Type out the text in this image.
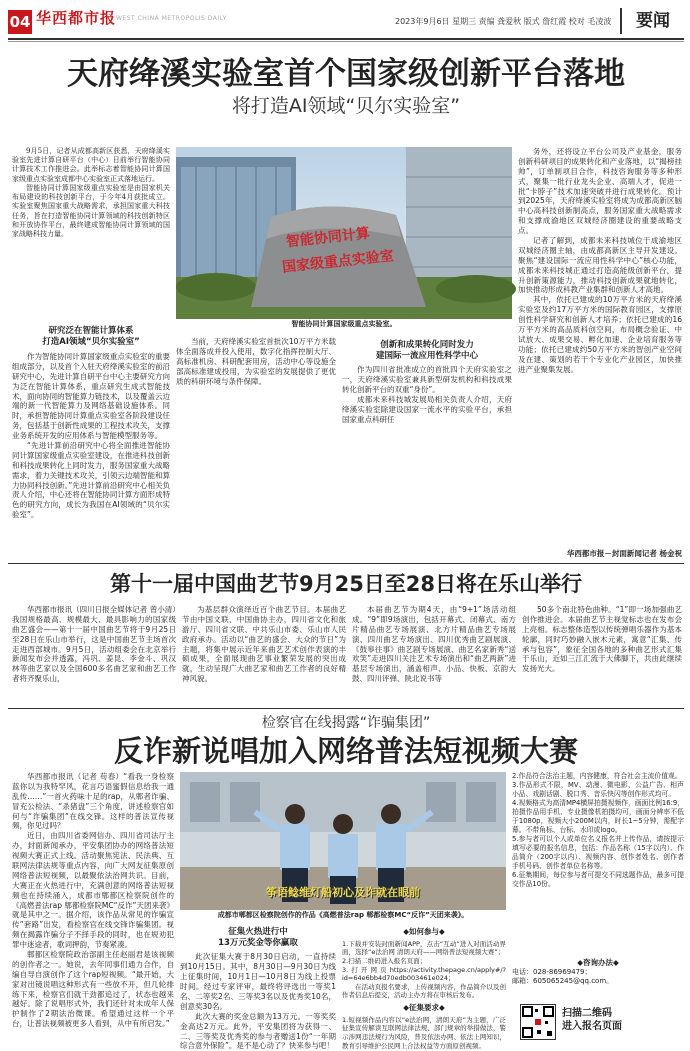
04 华西都市报 WEST CHINA METROPOLIS DAILY	2023年9月6日 星期三 责编 龚爱秋 版式 詹红霞 校对 毛凌波	要闻
天府绛溪实验室首个国家级创新平台落地
将打造AI领域“贝尔实验室”

9月5日，记者从成都高新区获悉，天府绛溪实验室先进计算自研平台（中心）日前举行智能协同计算技术工作推进会。此举标志着智能协同计算国家级重点实验室成都中心实验室正式落地运行。

智能协同计算国家级重点实验室是由国家机关布局建设的科技创新平台，于今年4月获批成立。实验室聚焦国家重大战略需求，承担国家重大科技任务，旨在打造智能协同计算领域的科技创新特区和开放协作平台，最终建成智能协同计算领域的国家战略科技力量。

研究泛在智能计算体系
打造AI领域“贝尔实验室”

作为智能协同计算国家级重点实验室的重要组成部分，以及首个入驻天府绛溪实验室的前沿研究中心，先进计算自研平台中心主要研究方向为泛在智能计算体系，重点研究生成式智能技术，面向协同的智能算力链技术，以及覆盖云边端的新一代智能算力及网络基础设施体系。同时，承担智能协同计算重点实验室各阶段建设任务，包括基于创新性成果的工程技术攻关，支撑业务系统开发的应用体系与智能模型服务等。

“先进计算前沿研究中心将全面推进智能协同计算国家级重点实验室建设，在推进科技创新和科技成果转化上同时发力，服务国家重大战略需求，着力关键技术攻关，引领云边端智能和算力协同科技创新。”先进计算前沿研究中心相关负责人介绍，中心还将在智能协同计算方面形成特色的研究方向，成长为我国在AI领域的“贝尔实验室”。

智能协同计算
国家级重点实验室
智能协同计算国家级重点实验室。

当前，天府绛溪实验室首批次10万平方米载体全面落成并投入使用，数字化指挥控制大厅、高标准机房、科研配套用房，活动中心等设施全部高标准建成投用，为实验室的发展提供了更优质的科研环境与条件保障。

创新和成果转化同时发力
建国际一流应用性科学中心

作为四川省批准成立的首批四个天府实验室之一，天府绛溪实验室兼具新型研发机构和科技成果转化创新平台的双重“身份”。

成都未来科技城发展局相关负责人介绍，天府绛溪实验室除建设国家一流水平的实验平台，承担国家重点科研任

务外，还将设立平台公司及产业基金，服务创新科研项目的成果转化和产业落地，以“揭榜挂帅”，订单制项目合作，科技咨询服务等多种形式，聚集一批行业龙头企业、高端人才，促进一批“卡脖子”技术加速突破并进行成果转化。预计到2025年，天府绛溪实验室将成为成都高新区脑中心高科技创新制高点，服务国家重大战略需求和支撑成渝地区双城经济圈建设的重要战略支点。

记者了解到，成都未来科技城位于成渝地区双城经济圈主轴，由成都高新区主导开发建设。聚焦“建设国际一流应用性科学中心”核心功能，成都未来科技城正通过打造高能级创新平台，提升创新策源能力，推动科技创新成果就地转化，加快推动形成科教产业集群和创新人才高地。

其中，依托已建成的10万平方米的天府绛溪实验室及约17万平方米的国际教育园区，支撑原创性科学研究和创新人才培养；依托已建成的16万平方米的高品质科创空间，布局概念验证、中试放大、成果交易、孵化加速、企业培育服务等功能；依托已建成约50万平方米的智创产业空间及在建、策划的若干个专业化产业园区，加快推进产业聚集发展。

华西都市报－封面新闻记者 杨金祝
第十一届中国曲艺节9月25日至28日将在乐山举行

华西都市报讯（四川日报全媒体记者 曾小清）我国规格最高、规模最大、最具影响力的国家级曲艺盛会——第十一届中国曲艺节将于9月25日至28日在乐山市举行，这是中国曲艺节主场首次走进西部城市。9月5日，活动组委会在北京举行新闻发布会并透露，冯巩、姜昆、李金斗、巩汉林等曲艺家以及全国600多名曲艺家和曲艺工作者将齐聚乐山，

为基层群众演绎近百个曲艺节目。本届曲艺节由中国文联、中国曲协主办，四川省文化和旅游厅、四川省文联、中共乐山市委、乐山市人民政府承办。活动以“曲艺的盛会、大众的节日”为主题，将集中展示近年来曲艺艺术创作表演的丰硕成果，全面展现曲艺事业繁荣发展的突出成就，生动呈现广大曲艺家和曲艺工作者的良好精神风貌。

本届曲艺节为期4天，由“9+1”场活动组成。“9”即9场演出，包括开幕式、闭幕式、南方片精品曲艺专场展演、北方片精品曲艺专场展演、四川曲艺专场演出、四川优秀曲艺剧展演、《鼓皋往事》曲艺剧专场展演、曲艺名家新秀“送欢笑”走进四川关注艺术专场演出和“曲艺两新”进基层专场演出，涵盖相声、小品、快板、京韵大鼓、四川评弹、陕北说书等

50多个南北特色曲种。“1”即一场加强曲艺创作推进会。本届曲艺节主视觉标志也在发布会上亮相。标志整体造型以传统弹唱乐器作为基本轮廓，同时巧妙融入嵌木元素，寓意“汇集、传承与包容”，象征全国各地的多种曲艺形式汇集于乐山，近如三江汇流于大佛脚下，共由此继续发扬光大。

检察官在线揭露“诈骗集团”
反诈新说唱加入网络普法短视频大赛

华西都市报讯（记者 苟春）“看我一身检察蓝你以为我特罕风，花言巧语蜜假信息给我一通乱传……”一首火药味十足的rap，从郫者诈骗、冒充公检法、“杀猪盘”三个角度，讲述检察官如何与“诈骗集团”在线交锋。这样的普法宣传视频，你见过吗？

近日，由四川省委网信办、四川省司法厅主办，封面新闻承办，平安集团协办的网络普法短视频大赛正式上线。活动聚焦宪法、民法典、互联网法律法规等重点内容，向广大网友征集原创网络普法短视频，以最聚依法治网共识。目前，大赛正在火热进行中，充满创意的网络普法短视频也在持续涌入，成都市郫都区检察院创作的《高燃普法rap 郫都检察院MC“反诈”天团来袭》就是其中之一。据介绍，该作品从常见的诈骗宣传“套路”出发，看检察官在线交锋诈骗集团。视频在揭露诈骗分子不择手段的同时，也在规劝犯罪中迷途者，歌词押韵，节奏紧凑。

郫都区检察院政治部副主任赵丽君是该视频的创作者之一。她说，去年同事们通力合作，自编自导自演创作了这个rap短视频。“最开始，大家对出镜说唱这种形式有一些放不开，但几轮排练下来，检察官们就干劲都追过了，状态也越来越好。除了说唱形式外，我们还针对未成年人保护制作了2期法治微课。希望通过这样一个平台，让普法视频被更多人看到，从中有所启发。”

筝语鲶维灯船初心及诈就在眼前
成都市郫都区检察院创作的作品《高燃普法rap 郫都检察MC“反诈”天团来袭》。
征集火热进行中
13万元奖金等你赢取

此次征集大赛于8月30日启动，一直持续到10月15日。其中，8月30日—9月30日为线上征集时间，10月1日—10月8日为线上投票时间。经过专家评审，最终将评选出一等奖1名、二等奖2名、三等奖3名以及优秀奖10名，创意奖30名。

此次大赛的奖金总额为13万元。一等奖奖金高达2万元。此外，平安集团将为获得一、二、三等奖及优秀奖的参与者赠送1份“一年期综合意外保险”。是不是心动了？快来参与吧！

◆如何参与◆
1.下载并安装封面新闻APP，点击“互动”进入对面活动界面，选择“e法治网 清朗天府——网络普法短视频大赛”；
2.扫描二维码进入报名页面；
3.打开网页https://activity.thepage.cn/apply#/?id=64e6bb4d70edb003461e024；

在活动页报名要求，上传视频内容，作品简介以及创作者信息后提交，活动主办方将在审核后发布。

◆征集要求◆
1.短视频作品内容以“e法治网，清朗天府”为主题，广泛征集宣传解读互联网法律法规、部门规章的举措做法，警示涉网违法规行为风险，普及依法办网、依法上网知识，教育引导维护公民网上合法权益等方面原创视频。
2.作品符合法治主题，内容健康，符合社会主流价值观。
3.作品形式不限，MV、动漫、微电影、公益广告、相声小品、戏剧话剧、脱口秀、音乐快闪等创作形式均可。
4.视频格式为高清MP4横屏拍摄视频作，画面比例16:9，拍摄作品用手机、专业摄像机拍摄均可，画面分辨率不低于1080p，视频大小200M以内，时长1~5分钟，需配字幕。不带角标、台标、水印或logo。
5.参与者可以个人或单位名义报名并上传作品，请按提示填写必要的报名信息，包括：作品名称（15字以内）、作品简介（200字以内）、视频内容、创作者姓名、创作者手机号码、创作者单位名称等。
6.征集期间，每位参与者可提交不同选题作品，最多可提交作品10份。
◆咨询办法◆
电话：028-86969479；
邮箱：605065245@qq.com。
扫描二维码
进入报名页面
